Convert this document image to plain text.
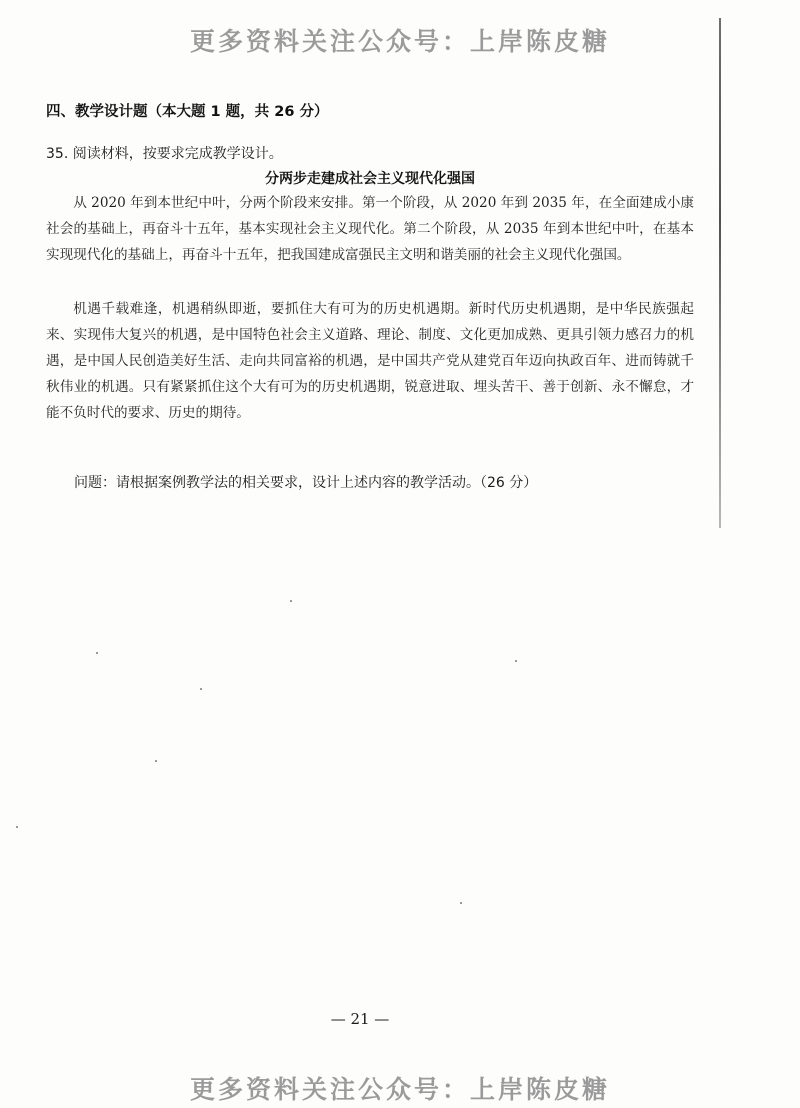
更多资料关注公众号：上岸陈皮糖
四、教学设计题（本大题 1 题，共 26 分）
35. 阅读材料，按要求完成教学设计。
分两步走建成社会主义现代化强国

从 2020 年到本世纪中叶，分两个阶段来安排。第一个阶段，从 2020 年到 2035 年，在全面建成小康社会的基础上，再奋斗十五年，基本实现社会主义现代化。第二个阶段，从 2035 年到本世纪中叶，在基本实现现代化的基础上，再奋斗十五年，把我国建成富强民主文明和谐美丽的社会主义现代化强国。

机遇千载难逢，机遇稍纵即逝，要抓住大有可为的历史机遇期。新时代历史机遇期，是中华民族强起来、实现伟大复兴的机遇，是中国特色社会主义道路、理论、制度、文化更加成熟、更具引领力感召力的机遇，是中国人民创造美好生活、走向共同富裕的机遇，是中国共产党从建党百年迈向执政百年、进而铸就千秋伟业的机遇。只有紧紧抓住这个大有可为的历史机遇期，锐意进取、埋头苦干、善于创新、永不懈怠，才能不负时代的要求、历史的期待。

问题：请根据案例教学法的相关要求，设计上述内容的教学活动。（26 分）
— 21 —
更多资料关注公众号：上岸陈皮糖
